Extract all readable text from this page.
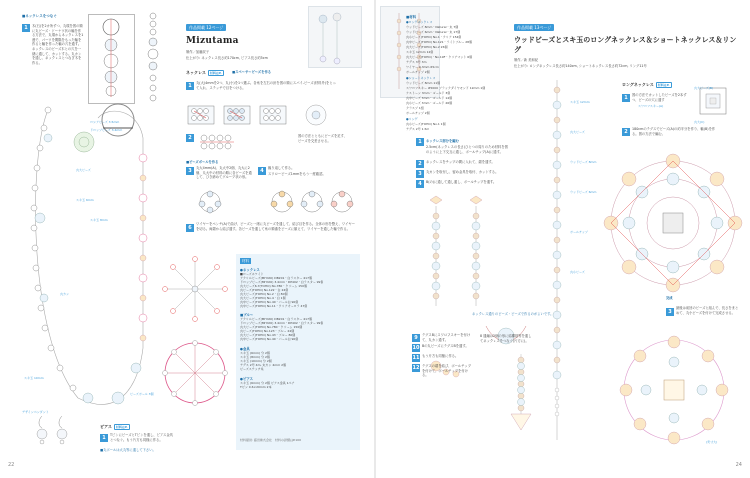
■ネックレスをつなぐ
1	木(石)を2カ所ずつ、丸環を図の順に丸ビーズ・ドーナツ状の輪を作る方法で、丸環からネックレスを1連で、パーツを間隔をもった輪を作ると輪を作った輪の穴を通す。ネックレスのビーズ木との穴を一緒に通して、カットする。丸カンを通し、ネックレスとつなぎ木を作る。
作品掲載 12ページ
Mizutama
制作／加藤紋子
仕上がり: ネックレス長さ約170cm, ピアス長さ約5cm
ネックレス 材料はP.	■スペーサービーズを作る
1	丸(大)4mmを2つ、丸(小)を1つ選ぶ。各糸を左右の針を図の順にスパイ-ビーズ(材料外)をとって入れ、ステッチで目をつける。
2	図の方法とともにビーズを足す、ビーズを交差させる。
■ビーズボールを作る
3	丸大4mm(A)、丸大中2個、丸大に2個、丸大中の材料の順に各ビーズを通して、ひき締めてグループ状の形。
4	繰り返して作る。
スワロービーズ1mmをもう一度確認。
6
ワイヤーをペンチ(A)で曲げ、ビーズと一緒に丸ビーズを通して、結び目を作る。全体の形を整え、ワイヤーを切る。両端から結び通す。各ビーズを通して糸の順番をビーズに揃えて、ワイヤーを通した輪で作る。
材料
●ネックレス
■ローズホワイト
アクリルビーズ(MIYUKI) DB201・白ラスター 417個
ドロップビーズ(MIYUKI) 3.4mm・DP402・白ラスター 99個
丸大ビーズ6.7(TOHO) No.780・クリーム 150個
丸ビーズ(TOHO) No.122・白 24個
丸大ビーズ(TOHO) No.2・白 80個
丸大ビーズ(TOHO) No.4・白 1個
丸中ビーズ(TOHO) No.40・パール白 90個
丸中ビーズ(TOHO) No.11・クリアオーロラ 47個
■ブルー
アクリルビーズ(MIYUKI) DB201・白ラスター 417個
ドロップビーズ(MIYUKI) 3.4mm・DP402・白ラスター 99個
丸大ビーズ(TOHO) No.780・クリーム 150個
丸ビーズ(TOHO) No.123・ブルー 24個
丸大ビーズ(TOHO) No.43・ブルー 80個
丸中ビーズ(TOHO) No.40・パール白 90個
●金具
スキ玉 (6mm) 分 2個
スキ玉 (8mm) 分 2個
スキ玉 (10mm) 分 2個
テグス 2号 4m, 丸カン 4mm 2個
ピーズステッチ糸
●ピアス
スキ玉 (6mm) 分 2個 ピアス金具 1ペア
Tピン 0.6×20mm 2本
材料提供: 藤田株式会社　材料の詳細はP.100
ロシアビーズ 3.5mm
ドロップビーズ 3.4mm
丸大ビーズ
スキ玉 6mm
スキ玉 8mm
丸カン
デザインペンダント
スキ玉 10mm
ビーズボール 3個
ピアス 材料はP.
1	TピンにビーズとTピンを通し、ピアス金具とつなぐ。もう片方も同様に作る。
■丸ボールは大丸等に通して下さい。
22
■材料
●ロングネックレス
ウッドビーズ 8mm・Natural・丸 7個
ウッドビーズ 6mm・Natural・丸 17個
丸小ビーズ(TOHO) No.1・クリア 154個
丸中ビーズ(TOHO) No.121・ライトブルー 28個
丸大ビーズ(TOHO) No.2 26個
スキ玉 12mm 12個
丸大ビーズ(TOHO)・No.19F・クリアマット 6個
テグス 3号 3m
ワイヤー 0.3mm 65cm
ボールチップ 2個
●ショートネックレス
ウッドビーズ 8mm 11個
スワロフスキー #5000 ブラックダイヤモンド 12mm 1個
ケストーン 3mm・ゴールド 3個
丸中ビーズ 3mm・ゴールド 14個
丸小ビーズ 3mm・ゴールド 26個
クラスプ 1組
ボールチップ 2個
●リング
丸小ビーズ(TOHO) No.1 1個
テグス 2号 1.5m
作品掲載 13ページ
ウッドビーズとスキ玉のロングネックレス＆ショートネックレス＆リング
制作／新 美和紀
仕上がり: ロングネックレス長さ約140cm, ショートネックレス長さ約72cm, リング11号
スキ玉 12mm
丸大ビーズ
ウッドビーズ 8mm
ウッドビーズ 6mm
ボールチップ
丸小ビーズ
1	ネックレス部分を編む
2.5cm(ネックレスの長さ)ひとつの周りのため材料を図のように上下交互に通し、ボールチップ(A)に通す。
2	ネックレスをチップの間に入れて、端を通す。
3	丸カンを取付し、留め金具を取付、カットする。
4	B(の)に通して通し通し、ボールチップを通す。
ネックレス通りのビーズ・ビーズで作るのがよいです。
9	テグスBにスワロフスキーを付けて、丸カン通す。
10 Bの丸ビーズにテグスBを通す。
11 もう片方も同様に作る。
12 テグスの端を結び、ボールチップを付けて、ボールチップを付ける。
8 通編は2個の形に結構基等を通してネックレスをつなぐ(片方に)。
ロングネックレス 材料はP.
1	図の方法でカットしたビーズを2本ずつ、ビーズの穴に通す
丸大ビーズ(B)
丸大(C)
スワロフスキー(A)
2	180cmのテグスでビーズ(A)の約半分を作り、輪(B)を作る。図の方法で編む。
3
最後は前回のビーズと組んで、長さをまとめて、丸小ビーズを付けて完成させる。
完成
(実寸大)
24
